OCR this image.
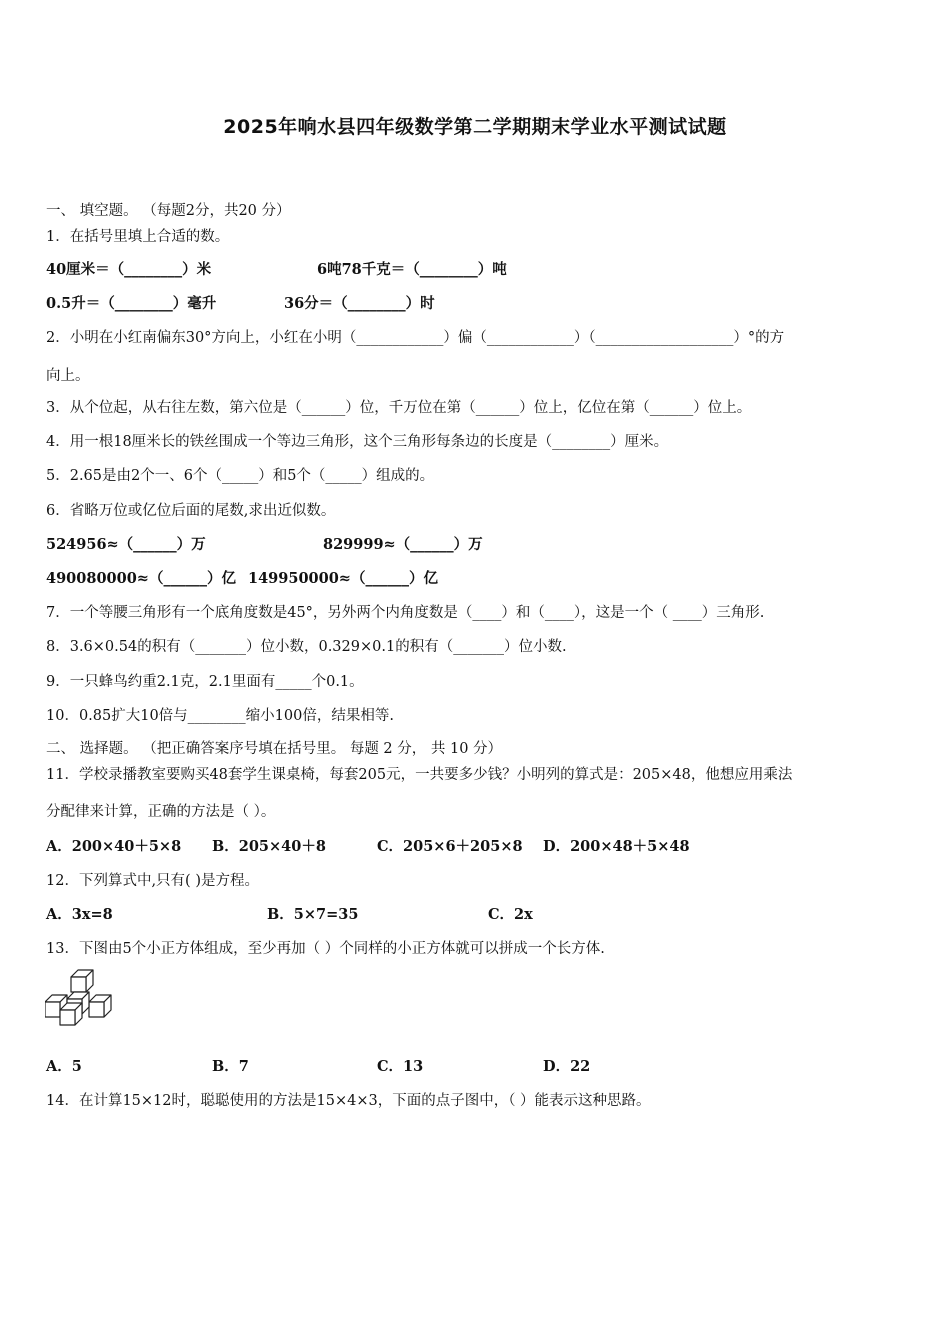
2025年响水县四年级数学第二学期期末学业水平测试试题
一、 填空题。 （每题2分，共20 分）
1．在括号里填上合适的数。
40厘米＝（________）米	6吨78千克＝（________）吨
0.5升＝（________）毫升	36分＝（________）时
2．小明在小红南偏东30°方向上，小红在小明（____________）偏（____________）（___________________）°的方
向上。
3．从个位起，从右往左数，第六位是（______）位，千万位在第（______）位上，亿位在第（______）位上。
4．用一根18厘米长的铁丝围成一个等边三角形，这个三角形每条边的长度是（________）厘米。
5．2.65是由2个一、6个（_____）和5个（_____）组成的。
6．省略万位或亿位后面的尾数,求出近似数。
524956≈（______）万	829999≈（______）万
490080000≈（______）亿 149950000≈（______）亿
7．一个等腰三角形有一个底角度数是45°，另外两个内角度数是（____）和（____），这是一个（ ____）三角形.
8．3.6×0.54的积有（_______）位小数，0.329×0.1的积有（_______）位小数.
9．一只蜂鸟约重2.1克，2.1里面有_____个0.1。
10．0.85扩大10倍与________缩小100倍，结果相等.
二、 选择题。 （把正确答案序号填在括号里。 每题 2 分， 共 10 分）
11．学校录播教室要购买48套学生课桌椅，每套205元，一共要多少钱？小明列的算式是：205×48，他想应用乘法
分配律来计算，正确的方法是（ ）。
A．200×40＋5×8 B．205×40＋8	C．205×6＋205×8 D．200×48＋5×48
12．下列算式中,只有( )是方程。
A．3x=8	B．5×7=35	C．2x
13．下图由5个小正方体组成，至少再加（ ）个同样的小正方体就可以拼成一个长方体.
A．5	B．7	C．13	D．22
14．在计算15×12时，聪聪使用的方法是15×4×3，下面的点子图中，（ ）能表示这种思路。
